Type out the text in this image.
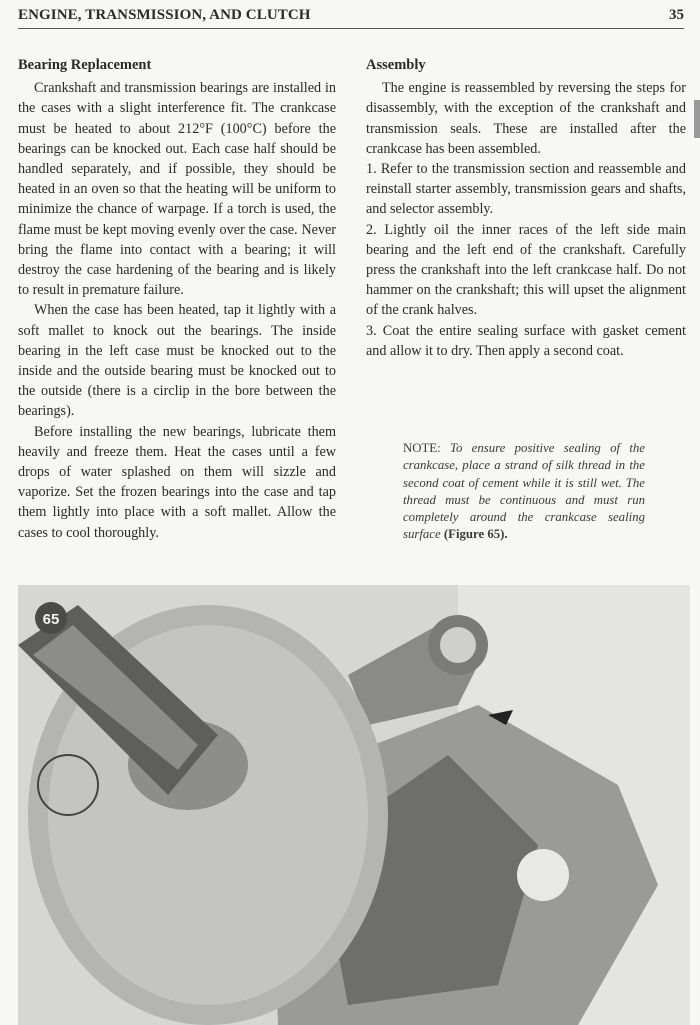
ENGINE, TRANSMISSION, AND CLUTCH	35
Bearing Replacement

Crankshaft and transmission bearings are installed in the cases with a slight interference fit. The crankcase must be heated to about 212°F (100°C) before the bearings can be knocked out. Each case half should be handled separately, and if possible, they should be heated in an oven so that the heating will be uniform to minimize the chance of warpage. If a torch is used, the flame must be kept moving evenly over the case. Never bring the flame into contact with a bearing; it will destroy the case hardening of the bearing and is likely to result in premature failure.

When the case has been heated, tap it lightly with a soft mallet to knock out the bearings. The inside bearing in the left case must be knocked out to the inside and the outside bearing must be knocked out to the outside (there is a circlip in the bore between the bearings).

Before installing the new bearings, lubricate them heavily and freeze them. Heat the cases until a few drops of water splashed on them will sizzle and vaporize. Set the frozen bearings into the case and tap them lightly into place with a soft mallet. Allow the cases to cool thoroughly.

Assembly

The engine is reassembled by reversing the steps for disassembly, with the exception of the crankshaft and transmission seals. These are installed after the crankcase has been assembled.

1. Refer to the transmission section and reassemble and reinstall starter assembly, transmission gears and shafts, and selector assembly.

2. Lightly oil the inner races of the left side main bearing and the left end of the crankshaft. Carefully press the crankshaft into the left crankcase half. Do not hammer on the crankshaft; this will upset the alignment of the crank halves.

3. Coat the entire sealing surface with gasket cement and allow it to dry. Then apply a second coat.

NOTE: To ensure positive sealing of the crankcase, place a strand of silk thread in the second coat of cement while it is still wet. The thread must be continuous and must run completely around the crankcase sealing surface (Figure 65).
65
